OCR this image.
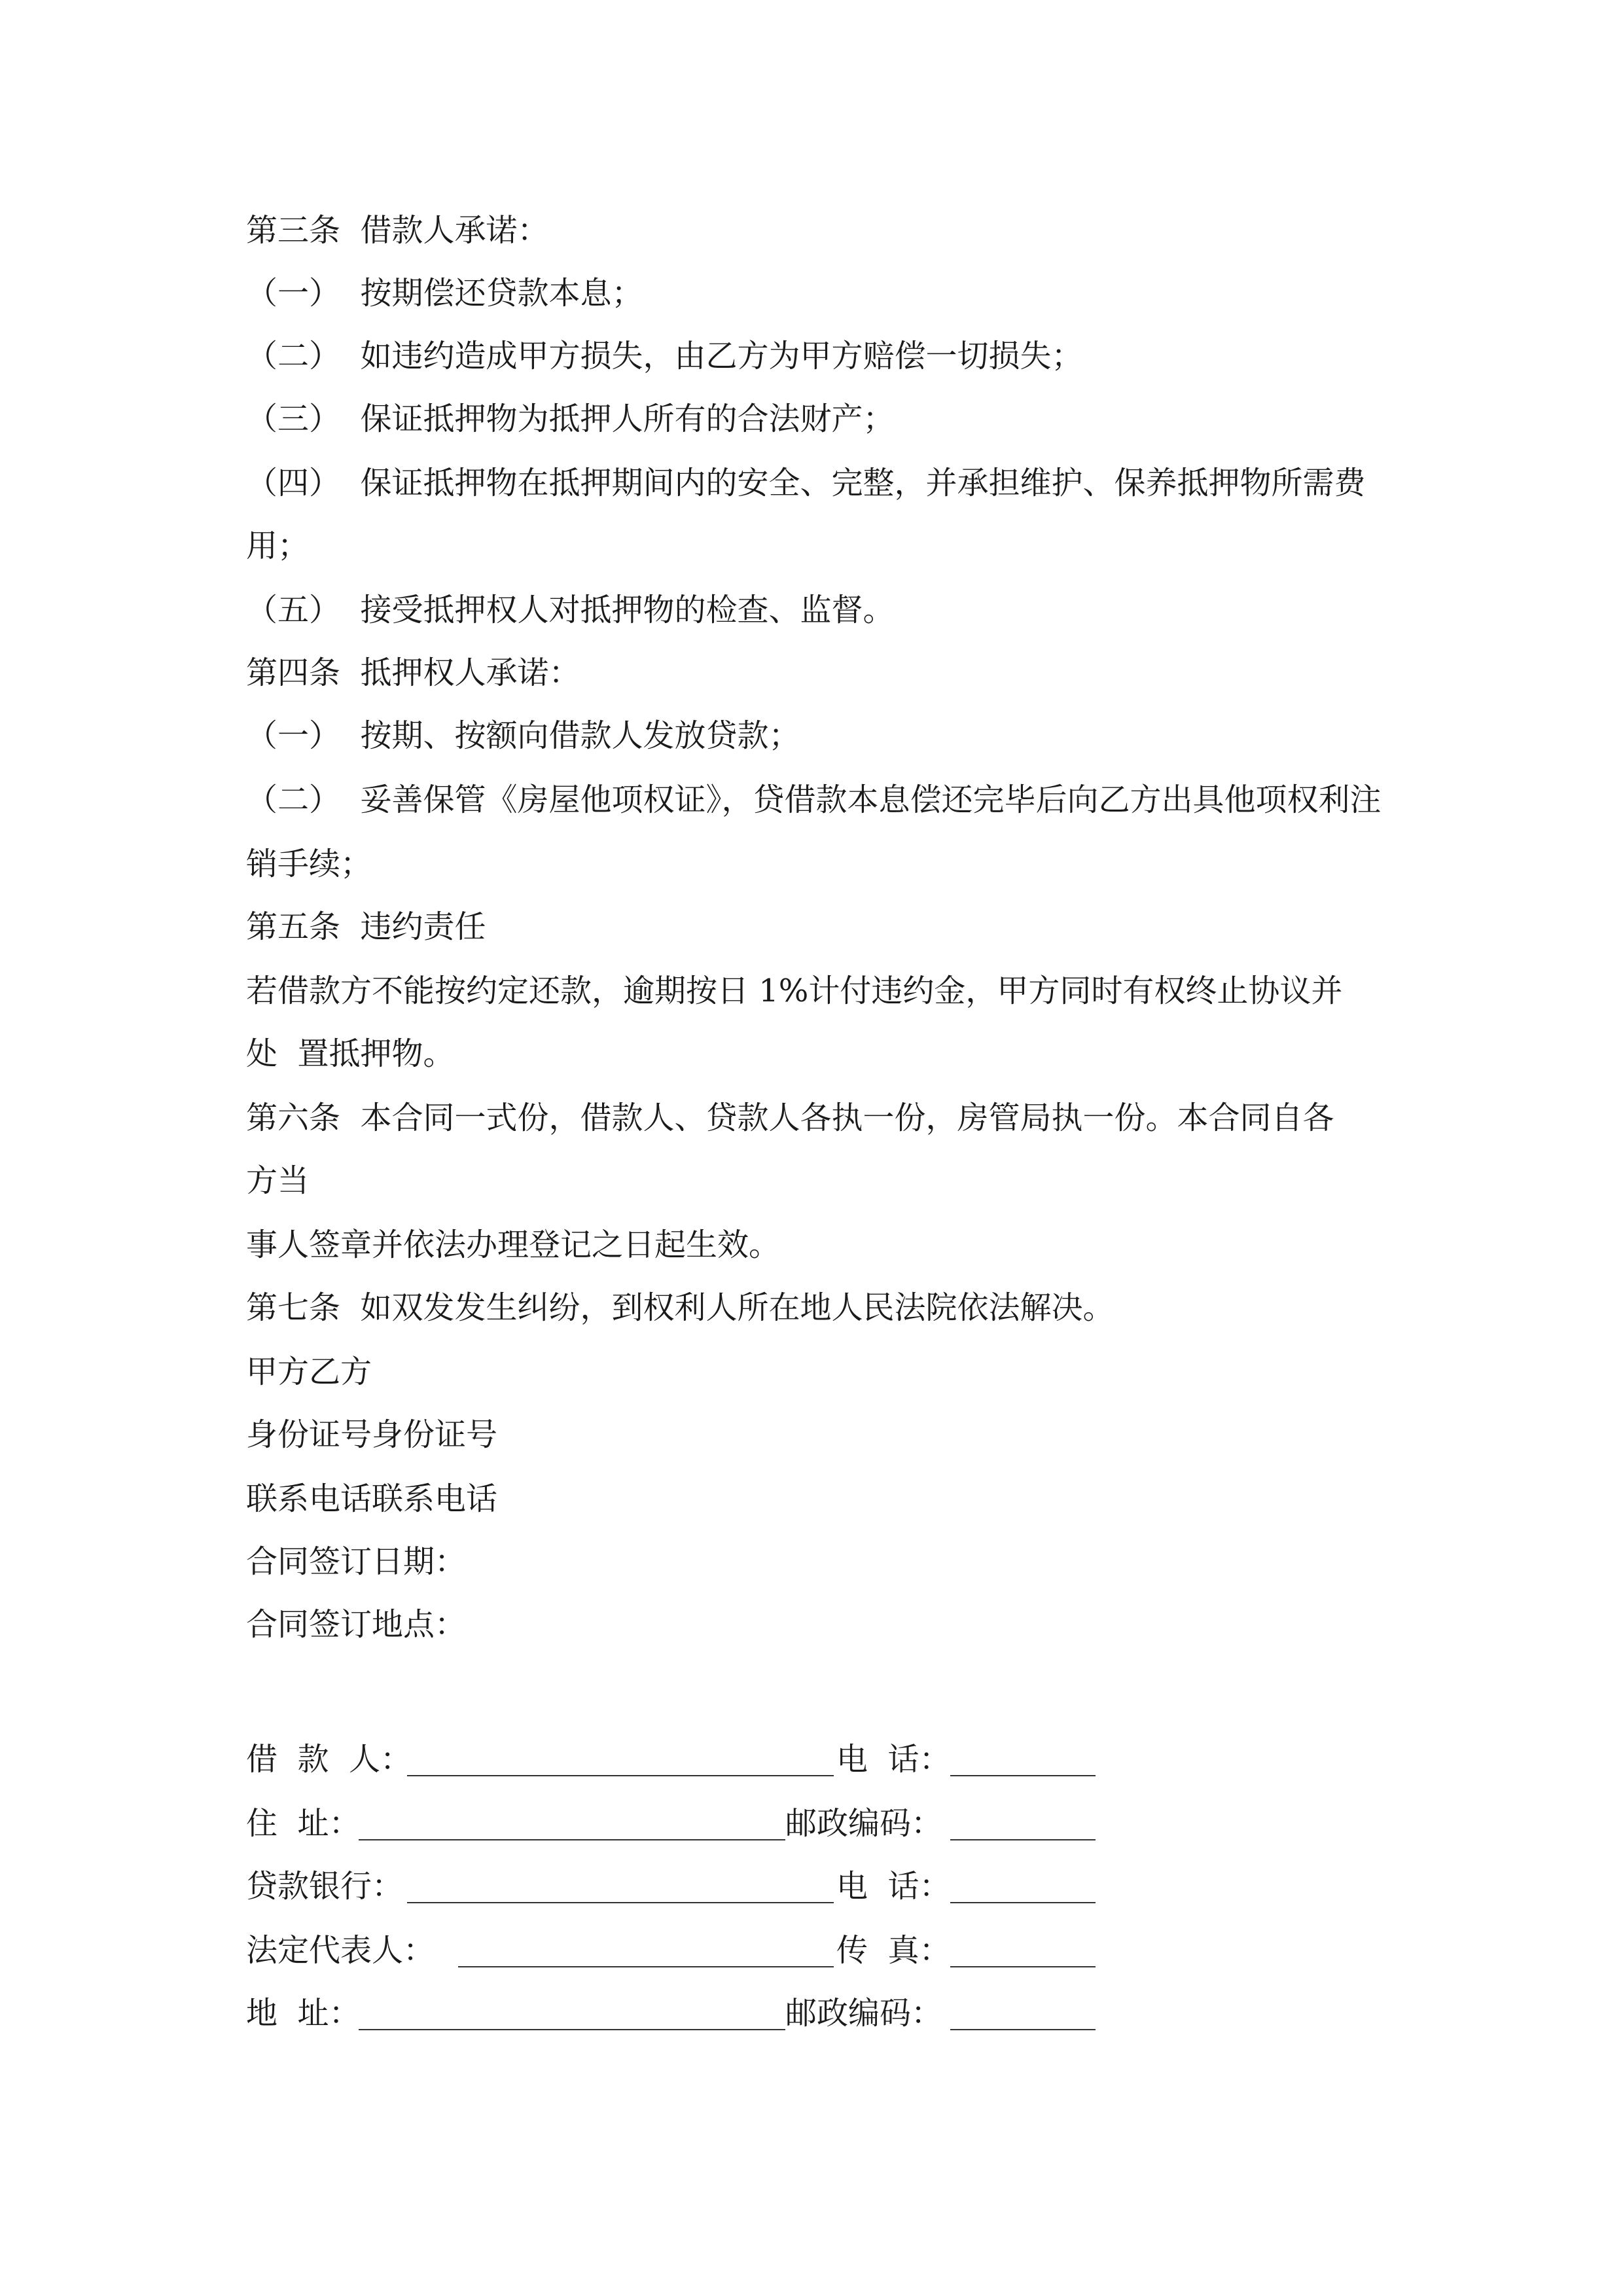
第三条  借款人承诺：
（一）  按期偿还贷款本息；
（二）  如违约造成甲方损失，由乙方为甲方赔偿一切损失；
（三）  保证抵押物为抵押人所有的合法财产；
（四）  保证抵押物在抵押期间内的安全、完整，并承担维护、保养抵押物所需费
用；
（五）  接受抵押权人对抵押物的检查、监督。
第四条  抵押权人承诺：
（一）  按期、按额向借款人发放贷款；
（二）  妥善保管《房屋他项权证》，贷借款本息偿还完毕后向乙方出具他项权利注
销手续；
第五条  违约责任
若借款方不能按约定还款，逾期按日 1%计付违约金，甲方同时有权终止协议并
处  置抵押物。
第六条  本合同一式份，借款人、贷款人各执一份，房管局执一份。本合同自各
方当
事人签章并依法办理登记之日起生效。
第七条  如双发发生纠纷，到权利人所在地人民法院依法解决。
甲方乙方
身份证号身份证号
联系电话联系电话
合同签订日期：
合同签订地点：
借  款  人：	电  话：
住  址：	邮政编码：
贷款银行：	电  话：
法定代表人：	传  真：
地  址：	邮政编码：
